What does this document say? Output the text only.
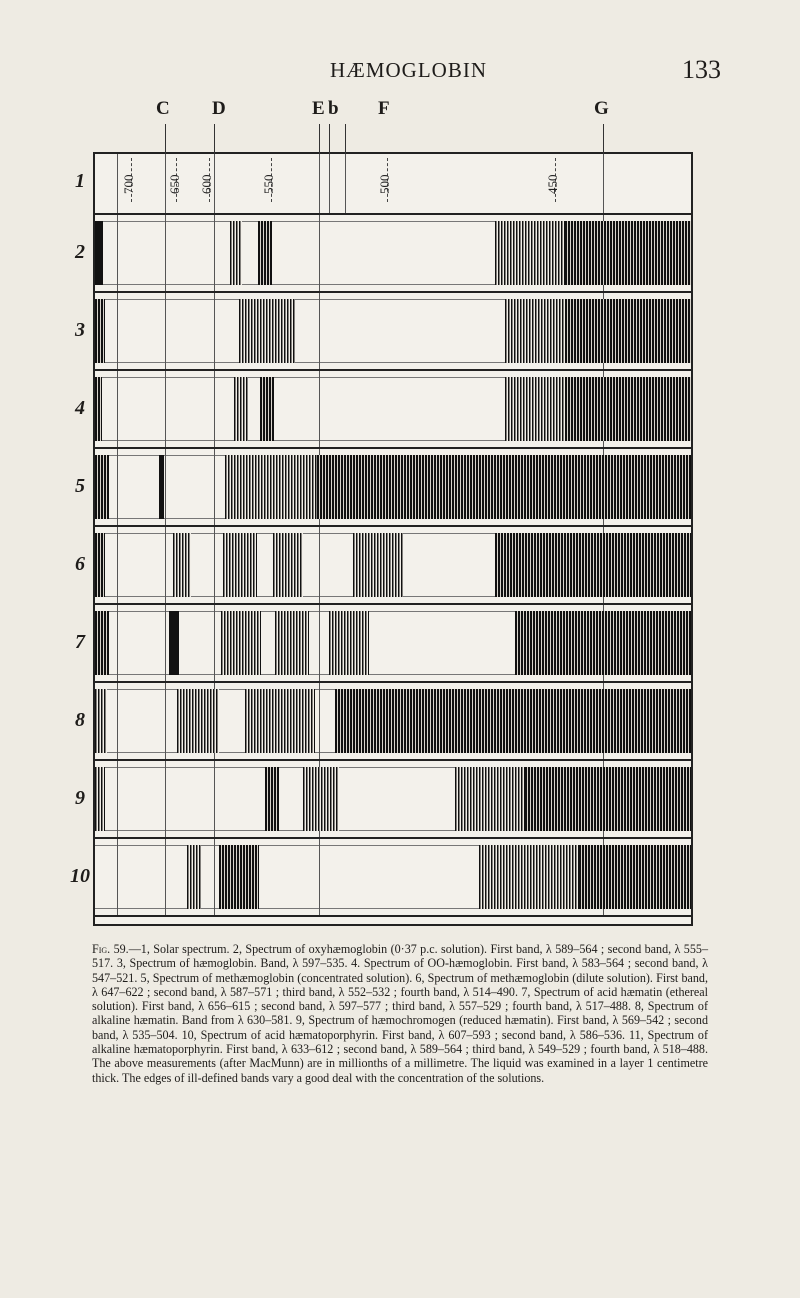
HÆMOGLOBIN	133
C D	E b F	G
1	700 650 600	550	500	450
2
3
4
5
6
7
8
9
10
Fig. 59.—1, Solar spectrum. 2, Spectrum of oxyhæmoglobin (0·37 p.c. solution). First band, λ 589–564 ; second band, λ 555–517. 3, Spectrum of hæmoglobin. Band, λ 597–535. 4. Spectrum of OO-hæmoglobin. First band, λ 583–564 ; second band, λ 547–521. 5, Spectrum of methæmoglobin (concentrated solution). 6, Spectrum of methæmoglobin (dilute solution). First band, λ 647–622 ; second band, λ 587–571 ; third band, λ 552–532 ; fourth band, λ 514–490. 7, Spectrum of acid hæmatin (ethereal solution). First band, λ 656–615 ; second band, λ 597–577 ; third band, λ 557–529 ; fourth band, λ 517–488. 8, Spectrum of alkaline hæmatin. Band from λ 630–581. 9, Spectrum of hæmochromogen (reduced hæmatin). First band, λ 569–542 ; second band, λ 535–504. 10, Spectrum of acid hæmatoporphyrin. First band, λ 607–593 ; second band, λ 586–536. 11, Spectrum of alkaline hæmatoporphyrin. First band, λ 633–612 ; second band, λ 589–564 ; third band, λ 549–529 ; fourth band, λ 518–488. The above measurements (after MacMunn) are in millionths of a millimetre. The liquid was examined in a layer 1 centimetre thick. The edges of ill-defined bands vary a good deal with the concentration of the solutions.
